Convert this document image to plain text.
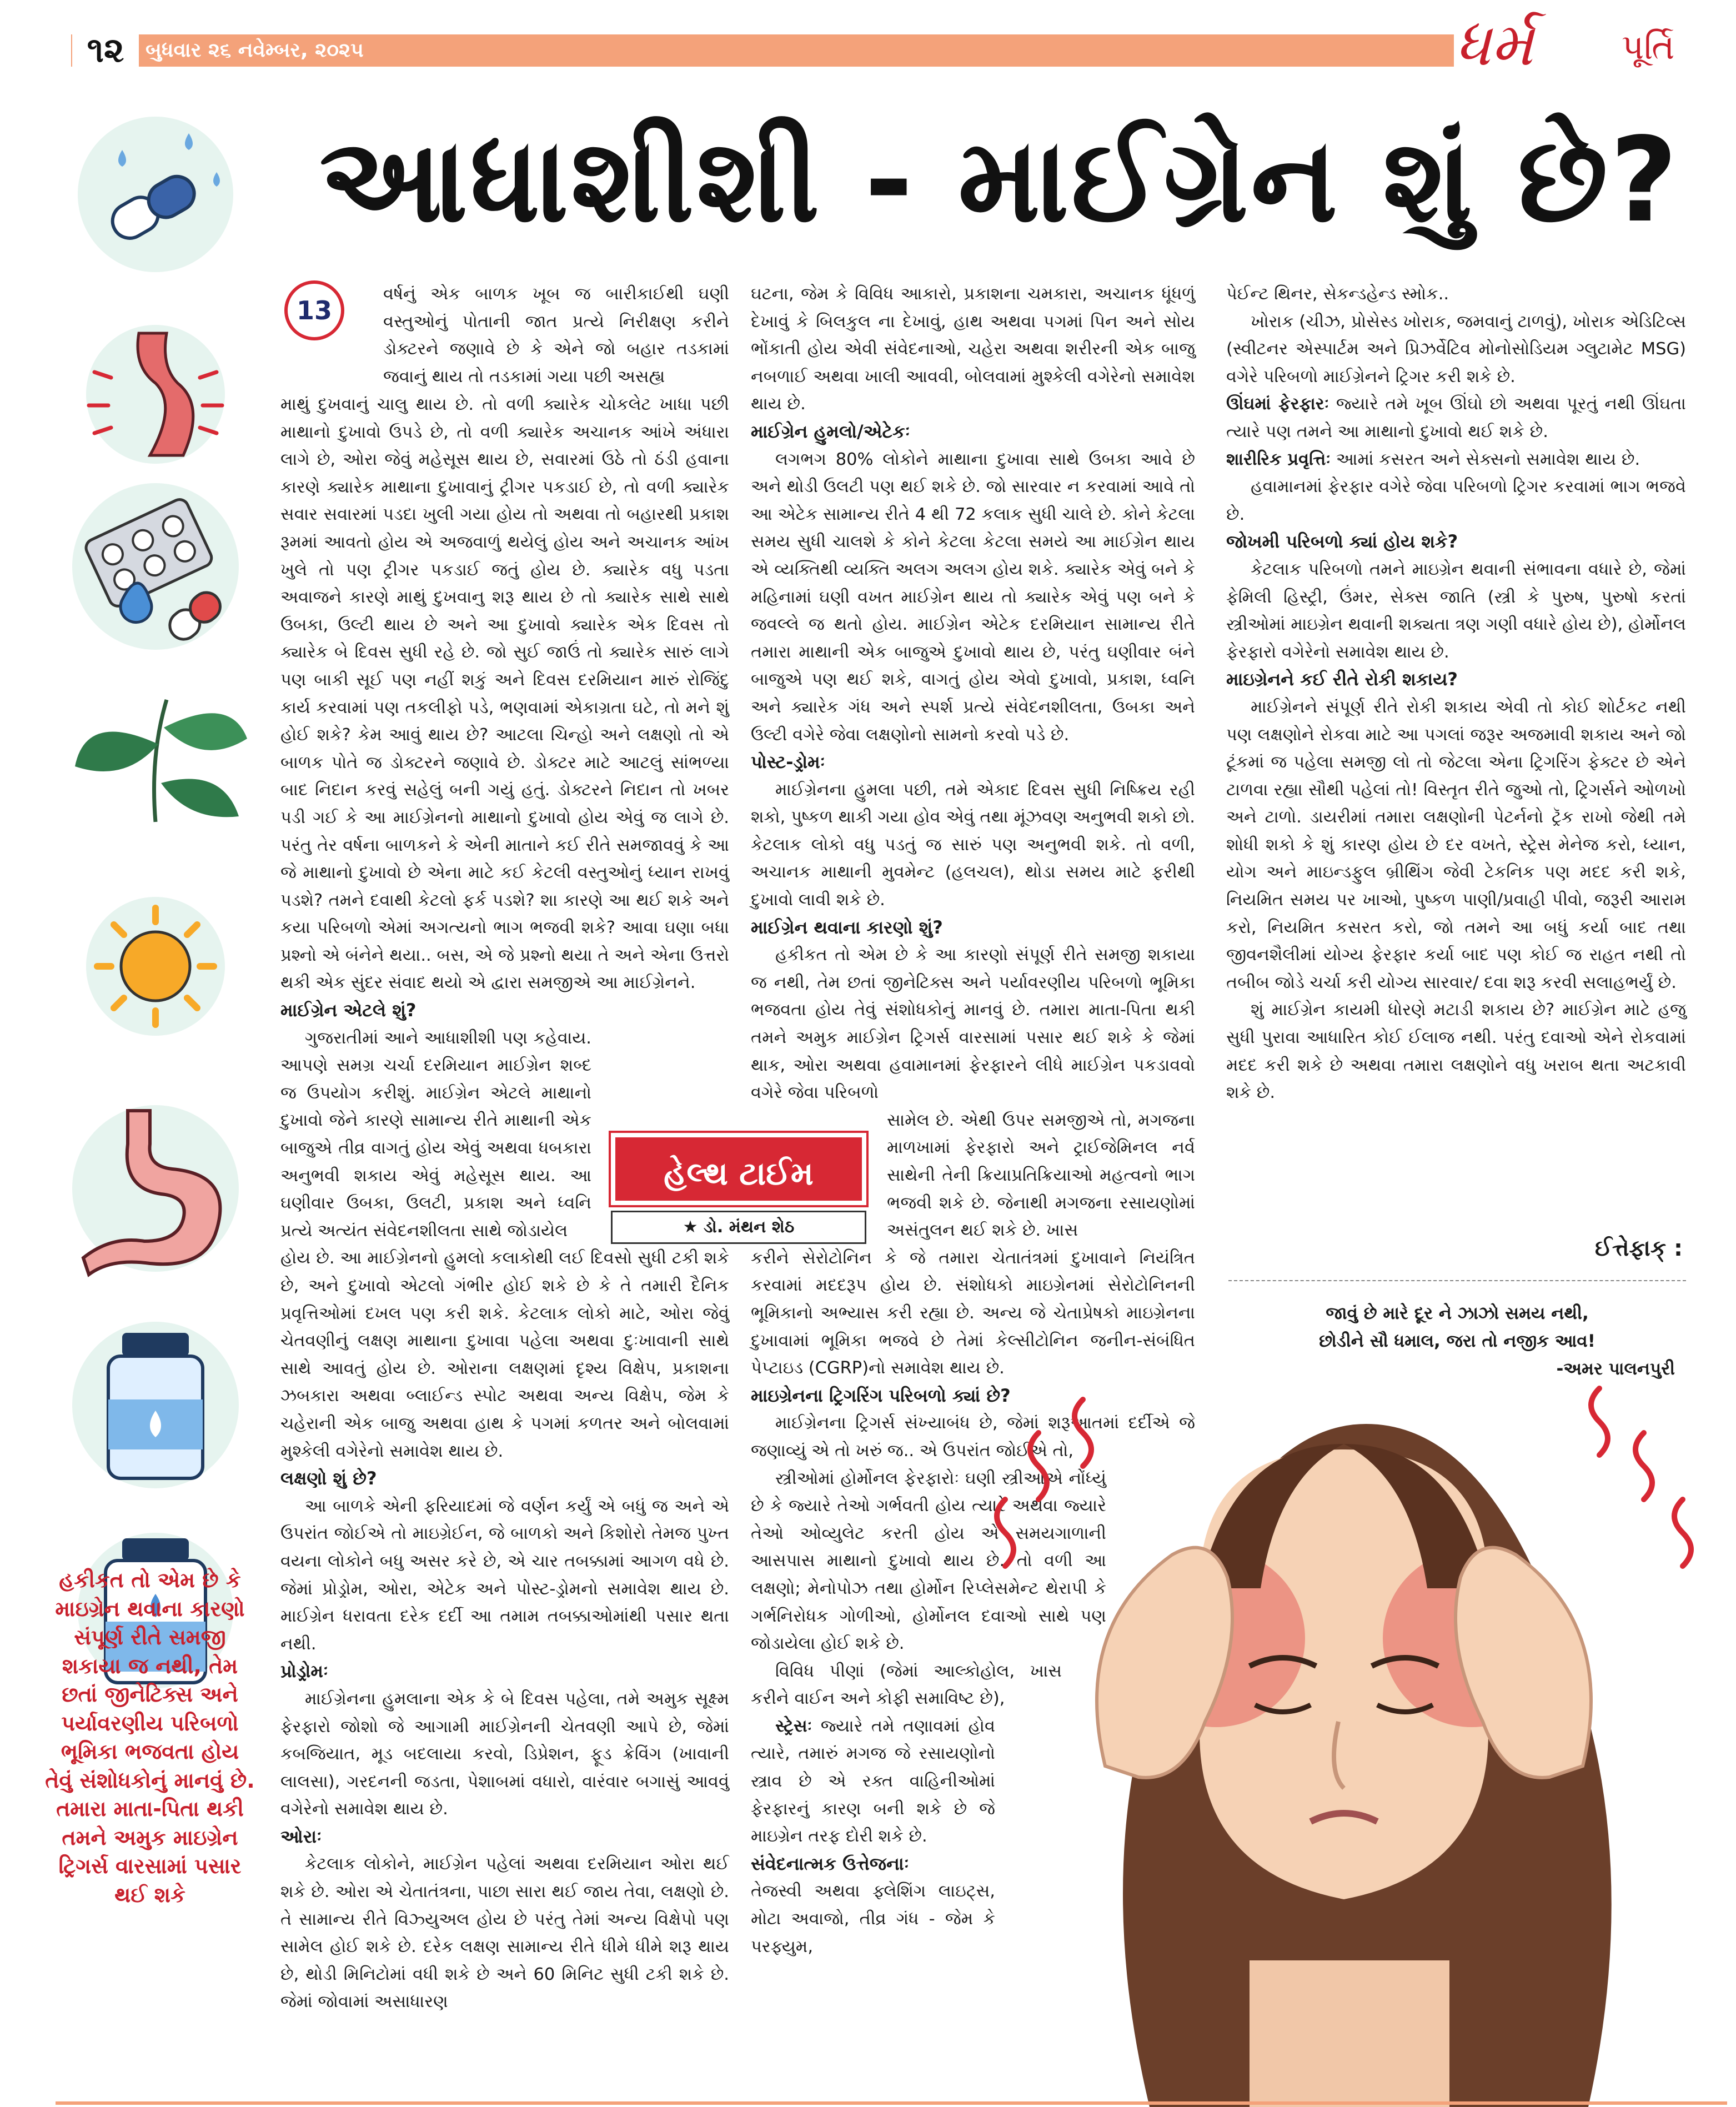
૧૨	બુધવાર ૨૬ નવેમ્બર, ૨૦૨૫	ધર્મ	પૂર્તિ
આધાશીશી - માઈગ્રેન શું છે?
13
વર્ષનું એક બાળક ખૂબ જ બારીકાઈથી ઘણી વસ્તુઓનું પોતાની જાત પ્રત્યે નિરીક્ષણ કરીને ડોક્ટરને જણાવે છે કે એને જો બહાર તડકામાં જવાનું થાય તો તડકામાં ગયા પછી અસહ્ય

માથું દુખવાનું ચાલુ થાય છે. તો વળી ક્યારેક ચોકલેટ ખાધા પછી માથાનો દુખાવો ઉપડે છે, તો વળી ક્યારેક અચાનક આંખે અંધારા લાગે છે, ઓરા જેવું મહેસૂસ થાય છે, સવારમાં ઉઠે તો ઠંડી હવાના કારણે ક્યારેક માથાના દુખાવાનું ટ્રીગર પકડાઈ છે, તો વળી ક્યારેક સવાર સવારમાં પડદા ખુલી ગયા હોય તો અથવા તો બહારથી પ્રકાશ રૂમમાં આવતો હોય એ અજવાળું થયેલું હોય અને અચાનક આંખ ખુલે તો પણ ટ્રીગર પકડાઈ જતું હોય છે. ક્યારેક વધુ પડતા અવાજને કારણે માથું દુખવાનુ શરૂ થાય છે તો ક્યારેક સાથે સાથે ઉબકા, ઉલ્ટી થાય છે અને આ દુખાવો ક્યારેક એક દિવસ તો ક્યારેક બે દિવસ સુધી રહે છે. જો સુઈ જાઉં તો ક્યારેક સારું લાગે પણ બાકી સૂઈ પણ નહીં શકું અને દિવસ દરમિયાન મારું રોજિંદુ કાર્ય કરવામાં પણ તકલીફો પડે, ભણવામાં એકાગ્રતા ઘટે, તો મને શું હોઈ શકે? કેમ આવું થાય છે? આટલા ચિન્હો અને લક્ષણો તો એ બાળક પોતે જ ડોક્ટરને જણાવે છે. ડોક્ટર માટે આટલું સાંભળ્યા બાદ નિદાન કરવું સહેલું બની ગયું હતું. ડોક્ટરને નિદાન તો ખબર પડી ગઈ કે આ માઈગ્રેનનો માથાનો દુખાવો હોય એવું જ લાગે છે. પરંતુ તેર વર્ષના બાળકને કે એની માતાને કઈ રીતે સમજાવવું કે આ જે માથાનો દુખાવો છે એના માટે કઈ કેટલી વસ્તુઓનું ધ્યાન રાખવું પડશે? તમને દવાથી કેટલો ફર્ક પડશે? શા કારણે આ થઈ શકે અને કયા પરિબળો એમાં અગત્યનો ભાગ ભજવી શકે? આવા ઘણા બધા પ્રશ્નો એ બંનેને થયા.. બસ, એ જે પ્રશ્નો થયા તે અને એના ઉત્તરો થકી એક સુંદર સંવાદ થયો એ દ્વારા સમજીએ આ માઈગ્રેનને.

માઈગ્રેન એટલે શું?

ગુજરાતીમાં આને આધાશીશી પણ કહેવાય. આપણે સમગ્ર ચર્ચા દરમિયાન માઈગ્રેન શબ્દ જ ઉપયોગ કરીશું. માઈગ્રેન એટલે માથાનો દુખાવો જેને કારણે સામાન્ય રીતે માથાની એક બાજુએ તીવ્ર વાગતું હોય એવું અથવા ધબકારા અનુભવી શકાય એવું મહેસૂસ થાય. આ ઘણીવાર ઉબકા, ઉલટી, પ્રકાશ અને ધ્વનિ પ્રત્યે અત્યંત સંવેદનશીલતા સાથે જોડાયેલ

હોય છે. આ માઈગ્રેનનો હુમલો કલાકોથી લઈ દિવસો સુધી ટકી શકે છે, અને દુખાવો એટલો ગંભીર હોઈ શકે છે કે તે તમારી દૈનિક પ્રવૃત્તિઓમાં દખલ પણ કરી શકે. કેટલાક લોકો માટે, ઓરા જેવું ચેતવણીનું લક્ષણ માથાના દુખાવા પહેલા અથવા દુઃખાવાની સાથે સાથે આવતું હોય છે. ઓરાના લક્ષણમાં દૃશ્ય વિક્ષેપ, પ્રકાશના ઝબકારા અથવા બ્લાઈન્ડ સ્પોટ અથવા અન્ય વિક્ષેપ, જેમ કે ચહેરાની એક બાજુ અથવા હાથ કે પગમાં કળતર અને બોલવામાં મુશ્કેલી વગેરેનો સમાવેશ થાય છે.

લક્ષણો શું છે?

આ બાળકે એની ફરિયાદમાં જે વર્ણન કર્યું એ બધું જ અને એ ઉપરાંત જોઈએ તો માઇગ્રેઈન, જે બાળકો અને કિશોરો તેમજ પુખ્ત વયના લોકોને બધુ અસર કરે છે, એ ચાર તબક્કામાં આગળ વધે છે. જેમાં પ્રોડ્રોમ, ઓરા, એટેક અને પોસ્ટ-ડ્રોમનો સમાવેશ થાય છે. માઈગ્રેન ધરાવતા દરેક દર્દી આ તમામ તબક્કાઓમાંથી પસાર થતા નથી.

પ્રોડ્રોમઃ

માઈગ્રેનના હુમલાના એક કે બે દિવસ પહેલા, તમે અમુક સૂક્ષ્મ ફેરફારો જોશો જે આગામી માઈગ્રેનની ચેતવણી આપે છે, જેમાં કબજિયાત, મૂડ બદલાયા કરવો, ડિપ્રેશન, ફૂડ ક્રેવિંગ (ખાવાની લાલસા), ગરદનની જડતા, પેશાબમાં વધારો, વારંવાર બગાસું આવવું વગેરેનો સમાવેશ થાય છે.

ઓરાઃ

કેટલાક લોકોને, માઈગ્રેન પહેલાં અથવા દરમિયાન ઓરા થઈ શકે છે. ઓરા એ ચેતાતંત્રના, પાછા સારા થઈ જાય તેવા, લક્ષણો છે. તે સામાન્ય રીતે વિઝ્યુઅલ હોય છે પરંતુ તેમાં અન્ય વિક્ષેપો પણ સામેલ હોઈ શકે છે. દરેક લક્ષણ સામાન્ય રીતે ધીમે ધીમે શરૂ થાય છે, થોડી મિનિટોમાં વધી શકે છે અને 60 મિનિટ સુધી ટકી શકે છે. જેમાં જોવામાં અસાધારણ

હેલ્થ ટાઈમ
★ ડો. મંથન શેઠ

ઘટના, જેમ કે વિવિધ આકારો, પ્રકાશના ચમકારા, અચાનક ધૂંધળું દેખાવું કે બિલકુલ ના દેખાવું, હાથ અથવા પગમાં પિન અને સોય ભોંકાતી હોય એવી સંવેદનાઓ, ચહેરા અથવા શરીરની એક બાજુ નબળાઈ અથવા ખાલી આવવી, બોલવામાં મુશ્કેલી વગેરેનો સમાવેશ થાય છે.

માઈગ્રેન હુમલો/એટેકઃ

લગભગ 80% લોકોને માથાના દુખાવા સાથે ઉબકા આવે છે અને થોડી ઉલટી પણ થઈ શકે છે. જો સારવાર ન કરવામાં આવે તો આ એટેક સામાન્ય રીતે 4 થી 72 કલાક સુધી ચાલે છે. કોને કેટલા સમય સુધી ચાલશે કે કોને કેટલા કેટલા સમયે આ માઈગ્રેન થાય એ વ્યક્તિથી વ્યક્તિ અલગ અલગ હોય શકે. ક્યારેક એવું બને કે મહિનામાં ઘણી વખત માઈગ્રેન થાય તો ક્યારેક એવું પણ બને કે જવલ્લે જ થતો હોય. માઈગ્રેન એટેક દરમિયાન સામાન્ય રીતે તમારા માથાની એક બાજુએ દુખાવો થાય છે, પરંતુ ઘણીવાર બંને બાજુએ પણ થઈ શકે, વાગતું હોય એવો દુખાવો, પ્રકાશ, ધ્વનિ અને ક્યારેક ગંધ અને સ્પર્શ પ્રત્યે સંવેદનશીલતા, ઉબકા અને ઉલ્ટી વગેરે જેવા લક્ષણોનો સામનો કરવો પડે છે.

પોસ્ટ-ડ્રોમઃ

માઈગ્રેનના હુમલા પછી, તમે એકાદ દિવસ સુધી નિષ્ક્રિય રહી શકો, પુષ્કળ થાકી ગયા હોવ એવું તથા મૂંઝવણ અનુભવી શકો છો. કેટલાક લોકો વધુ પડતું જ સારું પણ અનુભવી શકે. તો વળી, અચાનક માથાની મુવમેન્ટ (હલચલ), થોડા સમય માટે ફરીથી દુખાવો લાવી શકે છે.

માઈગ્રેન થવાના કારણો શું?

હકીકત તો એમ છે કે આ કારણો સંપૂર્ણ રીતે સમજી શકાયા જ નથી, તેમ છતાં જીનેટિક્સ અને પર્યાવરણીય પરિબળો ભૂમિકા ભજવતા હોય તેવું સંશોધકોનું માનવું છે. તમારા માતા-પિતા થકી તમને અમુક માઈગ્રેન ટ્રિગર્સ વારસામાં પસાર થઈ શકે કે જેમાં થાક, ઓરા અથવા હવામાનમાં ફેરફારને લીધે માઈગ્રેન પકડાવવો વગેરે જેવા પરિબળો

સામેલ છે. એથી ઉપર સમજીએ તો, મગજના માળખામાં ફેરફારો અને ટ્રાઈજેમિનલ નર્વ સાથેની તેની ક્રિયાપ્રતિક્રિયાઓ મહત્વનો ભાગ ભજવી શકે છે. જેનાથી મગજના રસાયણોમાં અસંતુલન થઈ શકે છે. ખાસ

કરીને સેરોટોનિન કે જે તમારા ચેતાતંત્રમાં દુખાવાને નિયંત્રિત કરવામાં મદદરૂપ હોય છે. સંશોધકો માઇગ્રેનમાં સેરોટોનિનની ભૂમિકાનો અભ્યાસ કરી રહ્યા છે. અન્ય જે ચેતાપ્રેષકો માઇગ્રેનના દુખાવામાં ભૂમિકા ભજવે છે તેમાં કેલ્સીટોનિન જનીન-સંબંધિત પેપ્ટાઇડ (CGRP)નો સમાવેશ થાય છે.

માઇગ્રેનના ટ્રિગરિંગ પરિબળો ક્યાં છે?

માઈગ્રેનના ટ્રિગર્સ સંખ્યાબંધ છે, જેમાં શરૂઆતમાં દર્દીએ જે જણાવ્યું એ તો ખરું જ.. એ ઉપરાંત જોઈએ તો,

સ્ત્રીઓમાં હોર્મોનલ ફેરફારોઃ ઘણી સ્ત્રીઓએ નોંધ્યું છે કે જ્યારે તેઓ ગર્ભવતી હોય ત્યારે અથવા જ્યારે તેઓ ઓવ્યુલેટ કરતી હોય એ સમયગાળાની આસપાસ માથાનો દુખાવો થાય છે. તો વળી આ લક્ષણો; મેનોપોઝ તથા હોર્મોન રિપ્લેસમેન્ટ થેરાપી કે ગર્ભનિરોધક ગોળીઓ, હોર્મોનલ દવાઓ સાથે પણ જોડાયેલા હોઈ શકે છે.

વિવિધ પીણાં (જેમાં આલ્કોહોલ, ખાસ કરીને વાઈન અને કોફી સમાવિષ્ટ છે),

સ્ટ્રેસઃ જ્યારે તમે તણાવમાં હોવ ત્યારે, તમારું મગજ જે રસાયણોનો સ્ત્રાવ છે એ રક્ત વાહિનીઓમાં ફેરફારનું કારણ બની શકે છે જે માઇગ્રેન તરફ દોરી શકે છે.

સંવેદનાત્મક ઉત્તેજનાઃ

તેજસ્વી અથવા ફ્લેશિંગ લાઇટ્સ, મોટા અવાજો, તીવ્ર ગંધ - જેમ કે પરફ્યુમ,

પેઈન્ટ થિનર, સેકન્ડહેન્ડ સ્મોક..

ખોરાક (ચીઝ, પ્રોસેસ્ડ ખોરાક, જમવાનું ટાળવું), ખોરાક એડિટિવ્સ (સ્વીટનર એસ્પાર્ટમ અને પ્રિઝર્વેટિવ મોનોસોડિયમ ગ્લુટામેટ MSG) વગેરે પરિબળો માઈગ્રેનને ટ્રિગર કરી શકે છે.

ઊંઘમાં ફેરફારઃ જ્યારે તમે ખૂબ ઊંઘો છો અથવા પૂરતું નથી ઊંઘતા ત્યારે પણ તમને આ માથાનો દુખાવો થઈ શકે છે.

શારીરિક પ્રવૃત્તિઃ આમાં કસરત અને સેક્સનો સમાવેશ થાય છે.

હવામાનમાં ફેરફાર વગેરે જેવા પરિબળો ટ્રિગર કરવામાં ભાગ ભજવે છે.

જોખમી પરિબળો ક્યાં હોય શકે?

કેટલાક પરિબળો તમને માઇગ્રેન થવાની સંભાવના વધારે છે, જેમાં ફેમિલી હિસ્ટ્રી, ઉંમર, સેક્સ જાતિ (સ્ત્રી કે પુરુષ, પુરુષો કરતાં સ્ત્રીઓમાં માઇગ્રેન થવાની શક્યતા ત્રણ ગણી વધારે હોય છે), હોર્મોનલ ફેરફારો વગેરેનો સમાવેશ થાય છે.

માઇગ્રેનને કઈ રીતે રોકી શકાય?

માઈગ્રેનને સંપૂર્ણ રીતે રોકી શકાય એવી તો કોઈ શોર્ટકટ નથી પણ લક્ષણોને રોકવા માટે આ પગલાં જરૂર અજમાવી શકાય અને જો ટૂંકમાં જ પહેલા સમજી લો તો જેટલા એના ટ્રિગરિંગ ફેક્ટર છે એને ટાળવા રહ્યા સૌથી પહેલાં તો! વિસ્તૃત રીતે જુઓ તો, ટ્રિગર્સને ઓળખો અને ટાળો. ડાયરીમાં તમારા લક્ષણોની પેટર્નનો ટ્રૅક રાખો જેથી તમે શોધી શકો કે શું કારણ હોય છે દર વખતે, સ્ટ્રેસ મેનેજ કરો, ધ્યાન, યોગ અને માઇન્ડફુલ બ્રીથિંગ જેવી ટેકનિક પણ મદદ કરી શકે, નિયમિત સમય પર ખાઓ, પુષ્કળ પાણી/પ્રવાહી પીવો, જરૂરી આરામ કરો, નિયમિત કસરત કરો, જો તમને આ બધું કર્યા બાદ તથા જીવનશૈલીમાં યોગ્ય ફેરફાર કર્યા બાદ પણ કોઈ જ રાહત નથી તો તબીબ જોડે ચર્ચા કરી યોગ્ય સારવાર/ દવા શરૂ કરવી સલાહભર્યું છે.

શું માઈગ્રેન કાયમી ધોરણે મટાડી શકાય છે? માઈગ્રેન માટે હજુ સુધી પુરાવા આધારિત કોઈ ઈલાજ નથી. પરંતુ દવાઓ એને રોકવામાં મદદ કરી શકે છે અથવા તમારા લક્ષણોને વધુ ખરાબ થતા અટકાવી શકે છે.

ઈત્તેફાક્ :
જાવું છે મારે દૂર ને ઝાઝો સમય નથી,
છોડીને સૌ ધમાલ, જરા તો નજીક આવ!
-અમર પાલનપુરી
હકીકત તો એમ છે કે માઇગ્રેન થવાના કારણો સંપૂર્ણ રીતે સમજી શકાયા જ નથી, તેમ છતાં જીનેટિક્સ અને પર્યાવરણીય પરિબળો ભૂમિકા ભજવતા હોય તેવું સંશોધકોનું માનવું છે. તમારા માતા-પિતા થકી તમને અમુક માઇગ્રેન ટ્રિગર્સ વારસામાં પસાર થઈ શકે
